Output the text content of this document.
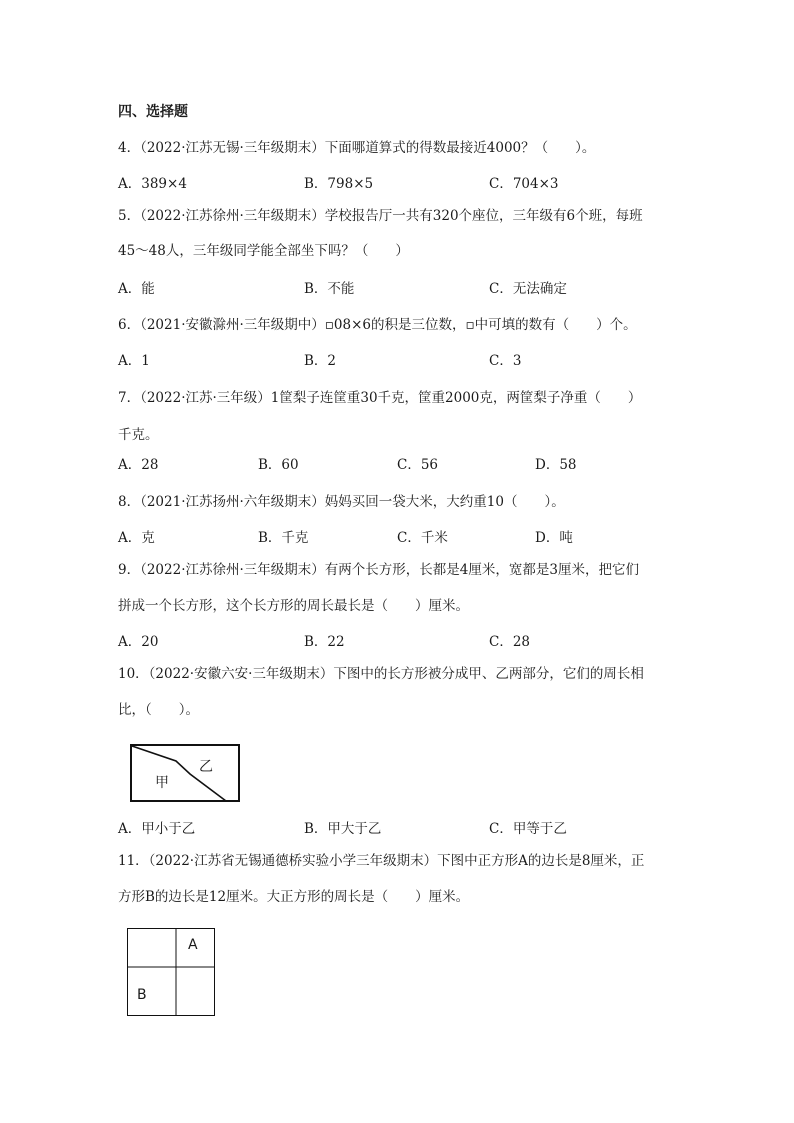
四、选择题
4．（2022·江苏无锡·三年级期末）下面哪道算式的得数最接近4000？（　　）。
A．389×4	B．798×5	C．704×3
5．（2022·江苏徐州·三年级期末）学校报告厅一共有320个座位，三年级有6个班，每班
45～48人，三年级同学能全部坐下吗？（　　）
A．能	B．不能	C．无法确定
6．（2021·安徽滁州·三年级期中）▫08×6的积是三位数，▫中可填的数有（　　）个。
A．1	B．2	C．3
7．（2022·江苏·三年级）1筐梨子连筐重30千克，筐重2000克，两筐梨子净重（　　）
千克。
A．28	B．60	C．56	D．58
8．（2021·江苏扬州·六年级期末）妈妈买回一袋大米，大约重10（　　）。
A．克	B．千克	C．千米	D．吨
9．（2022·江苏徐州·三年级期末）有两个长方形，长都是4厘米，宽都是3厘米，把它们
拼成一个长方形，这个长方形的周长最长是（　　）厘米。
A．20	B．22	C．28
10．（2022·安徽六安·三年级期末）下图中的长方形被分成甲、乙两部分，它们的周长相
比，（　　）。
甲
乙
A．甲小于乙	B．甲大于乙	C．甲等于乙
11．（2022·江苏省无锡通德桥实验小学三年级期末）下图中正方形A的边长是8厘米，正
方形B的边长是12厘米。大正方形的周长是（　　）厘米。
A
B
